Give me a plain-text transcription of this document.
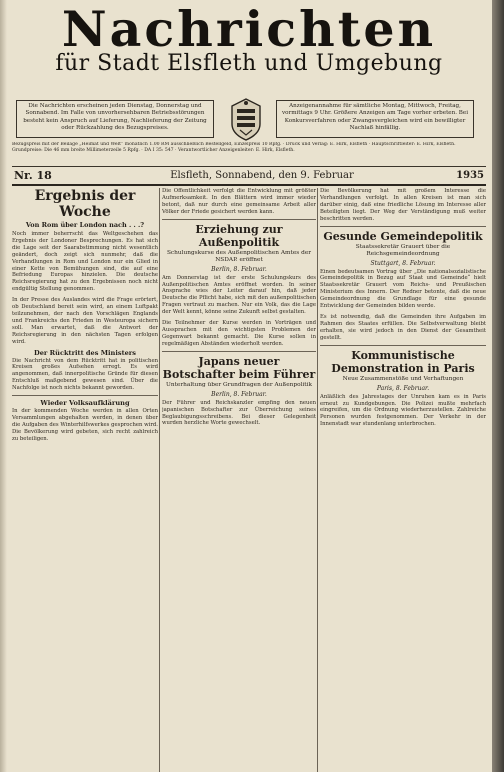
Nachrichten
für Stadt Elsfleth und Umgebung
Die Nachrichten erscheinen jeden Dienstag, Donnerstag und Sonnabend. Im Falle von unvorhersehbaren Betriebsstörungen besteht kein Anspruch auf Lieferung, Nachlieferung der Zeitung oder Rückzahlung des Bezugspreises.
Anzeigenannahme für sämtliche Montag, Mittwoch, Freitag, vormittags 9 Uhr. Größere Anzeigen am Tage vorher erbeten. Bei Konkursverfahren oder Zwangsvergleichen wird ein bewilligter Nachlaß hinfällig.
Bezugspreis mit der Beilage „Heimat und Welt“ monatlich 1.00 RM ausschließlich Bestellgeld, Einzelpreis 10 Rpfg. · Druck und Verlag: E. Hirk, Elsfleth · Hauptschriftleiter: E. Hirk, Elsfleth. Grundpreise: Die 46 mm breite Millimeterzeile 5 Rpfg. · DA I 35: 547 · Verantwortlicher Anzeigenleiter: E. Hirk, Elsfleth.
Nr. 18	Elsfleth, Sonnabend, den 9. Februar	1935
Ergebnis der Woche
Von Rom über London nach . . .?

Noch immer beherrscht das Weltgeschehen das Ergebnis der Londoner Besprechungen. Es hat sich die Lage seit der Saarabstimmung nicht wesentlich geändert, doch zeigt sich nunmehr, daß die Verhandlungen in Rom und London nur ein Glied in einer Kette von Bemühungen sind, die auf eine Befriedung Europas hinzielen. Die deutsche Reichsregierung hat zu den Ergebnissen noch nicht endgültig Stellung genommen.

In der Presse des Auslandes wird die Frage erörtert, ob Deutschland bereit sein wird, an einem Luftpakt teilzunehmen, der nach den Vorschlägen Englands und Frankreichs den Frieden in Westeuropa sichern soll. Man erwartet, daß die Antwort der Reichsregierung in den nächsten Tagen erfolgen wird.

Der Rücktritt des Ministers

Die Nachricht von dem Rücktritt hat in politischen Kreisen großes Aufsehen erregt. Es wird angenommen, daß innerpolitische Gründe für diesen Entschluß maßgebend gewesen sind. Über die Nachfolge ist noch nichts bekannt geworden.

Wieder Volksaufklärung

In der kommenden Woche werden in allen Orten Versammlungen abgehalten werden, in denen über die Aufgaben des Winterhilfswerkes gesprochen wird. Die Bevölkerung wird gebeten, sich recht zahlreich zu beteiligen.

Die Öffentlichkeit verfolgt die Entwicklung mit größter Aufmerksamkeit. In den Blättern wird immer wieder betont, daß nur durch eine gemeinsame Arbeit aller Völker der Friede gesichert werden kann.

Erziehung zur Außenpolitik
Schulungskurse des Außenpolitischen Amtes der NSDAP. eröffnet
Berlin, 8. Februar.

Am Donnerstag ist der erste Schulungskurs des Außenpolitischen Amtes eröffnet worden. In seiner Ansprache wies der Leiter darauf hin, daß jeder Deutsche die Pflicht habe, sich mit den außenpolitischen Fragen vertraut zu machen. Nur ein Volk, das die Lage der Welt kennt, könne seine Zukunft selbst gestalten.

Die Teilnehmer der Kurse werden in Vorträgen und Aussprachen mit den wichtigsten Problemen der Gegenwart bekannt gemacht. Die Kurse sollen in regelmäßigen Abständen wiederholt werden.

Japans neuer Botschafter beim Führer
Unterhaltung über Grundfragen der Außenpolitik
Berlin, 8. Februar.

Der Führer und Reichskanzler empfing den neuen japanischen Botschafter zur Überreichung seines Beglaubigungsschreibens. Bei dieser Gelegenheit wurden herzliche Worte gewechselt.

Die Bevölkerung hat mit großem Interesse die Verhandlungen verfolgt. In allen Kreisen ist man sich darüber einig, daß eine friedliche Lösung im Interesse aller Beteiligten liegt. Der Weg der Verständigung muß weiter beschritten werden.

Gesunde Gemeindepolitik
Staatssekretär Grauert über die Reichsgemeindeordnung
Stuttgart, 8. Februar.

Einen bedeutsamen Vortrag über „Die nationalsozialistische Gemeindepolitik in Bezug auf Staat und Gemeinde“ hielt Staatssekretär Grauert vom Reichs- und Preußischen Ministerium des Innern. Der Redner betonte, daß die neue Gemeindeordnung die Grundlage für eine gesunde Entwicklung der Gemeinden bilden werde.

Es ist notwendig, daß die Gemeinden ihre Aufgaben im Rahmen des Staates erfüllen. Die Selbstverwaltung bleibt erhalten, sie wird jedoch in den Dienst der Gesamtheit gestellt.

Kommunistische Demonstration in Paris
Neue Zusammenstöße und Verhaftungen
Paris, 8. Februar.

Anläßlich des Jahrestages der Unruhen kam es in Paris erneut zu Kundgebungen. Die Polizei mußte mehrfach eingreifen, um die Ordnung wiederherzustellen. Zahlreiche Personen wurden festgenommen. Der Verkehr in der Innenstadt war stundenlang unterbrochen.
